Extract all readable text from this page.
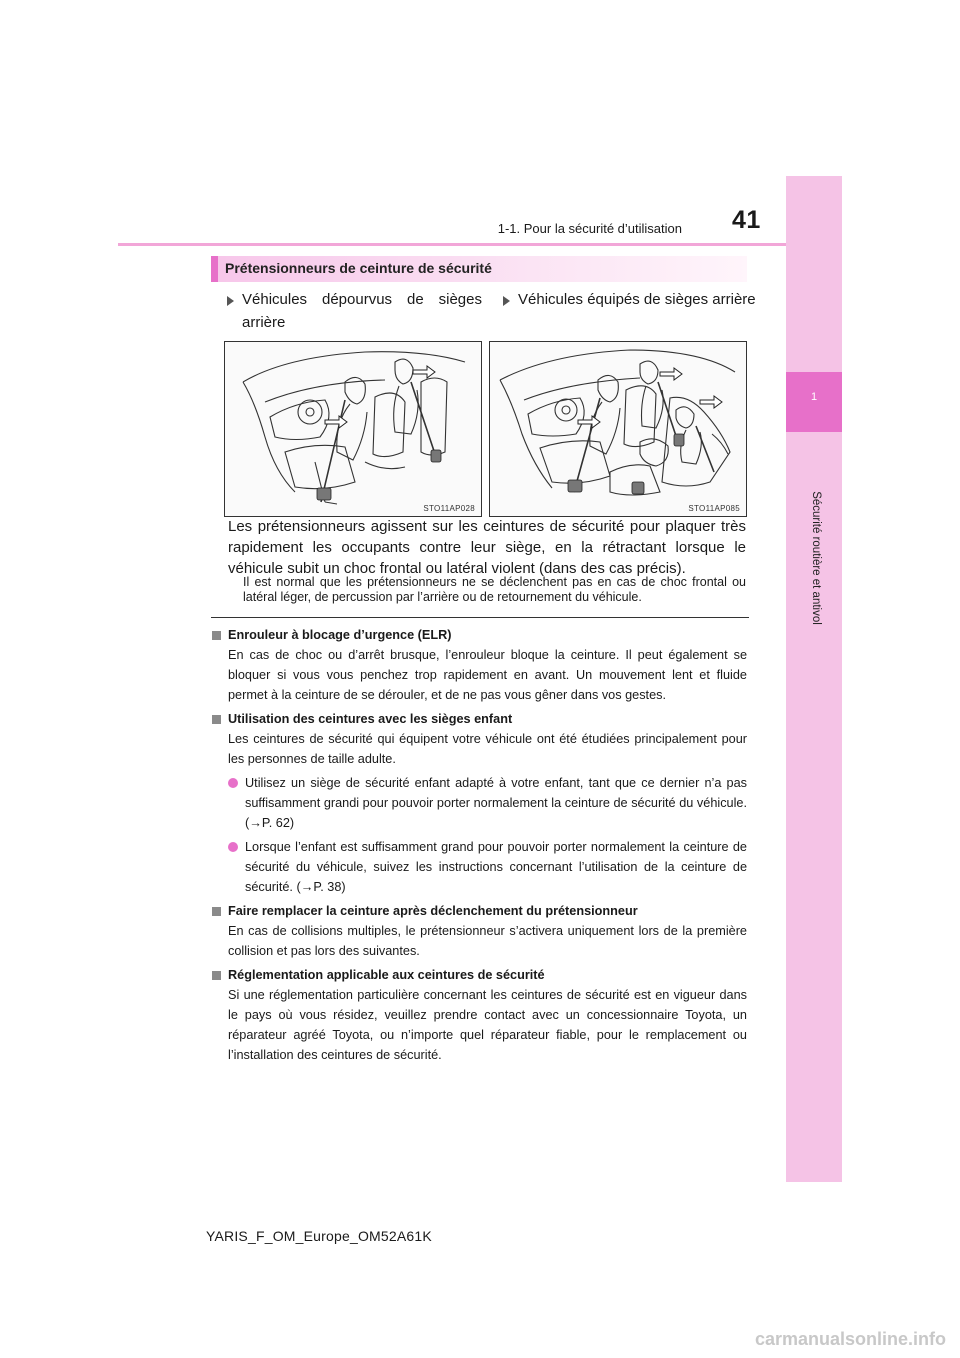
41
1-1. Pour la sécurité d’utilisation
1
Sécurité routière et antivol
Prétensionneurs de ceinture de sécurité
Véhicules dépourvus de sièges arrière
Véhicules équipés de sièges arrière
STO11AP028	STO11AP085
Les prétensionneurs agissent sur les ceintures de sécurité pour plaquer très rapidement les occupants contre leur siège, en la rétractant lorsque le véhicule subit un choc frontal ou latéral violent (dans des cas précis).
Il est normal que les prétensionneurs ne se déclenchent pas en cas de choc frontal ou latéral léger, de percussion par l’arrière ou de retournement du véhicule.
Enrouleur à blocage d’urgence (ELR)
En cas de choc ou d’arrêt brusque, l’enrouleur bloque la ceinture. Il peut également se bloquer si vous vous penchez trop rapidement en avant. Un mouvement lent et fluide permet à la ceinture de se dérouler, et de ne pas vous gêner dans vos gestes.
Utilisation des ceintures avec les sièges enfant
Les ceintures de sécurité qui équipent votre véhicule ont été étudiées principalement pour les personnes de taille adulte.
Utilisez un siège de sécurité enfant adapté à votre enfant, tant que ce dernier n’a pas suffisamment grandi pour pouvoir porter normalement la ceinture de sécurité du véhicule. (→P. 62)
Lorsque l’enfant est suffisamment grand pour pouvoir porter normalement la ceinture de sécurité du véhicule, suivez les instructions concernant l’utilisation de la ceinture de sécurité. (→P. 38)
Faire remplacer la ceinture après déclenchement du prétensionneur
En cas de collisions multiples, le prétensionneur s’activera uniquement lors de la première collision et pas lors des suivantes.
Réglementation applicable aux ceintures de sécurité
Si une réglementation particulière concernant les ceintures de sécurité est en vigueur dans le pays où vous résidez, veuillez prendre contact avec un concessionnaire Toyota, un réparateur agréé Toyota, ou n’importe quel réparateur fiable, pour le remplacement ou l’installation des ceintures de sécurité.
YARIS_F_OM_Europe_OM52A61K
carmanualsonline.info
